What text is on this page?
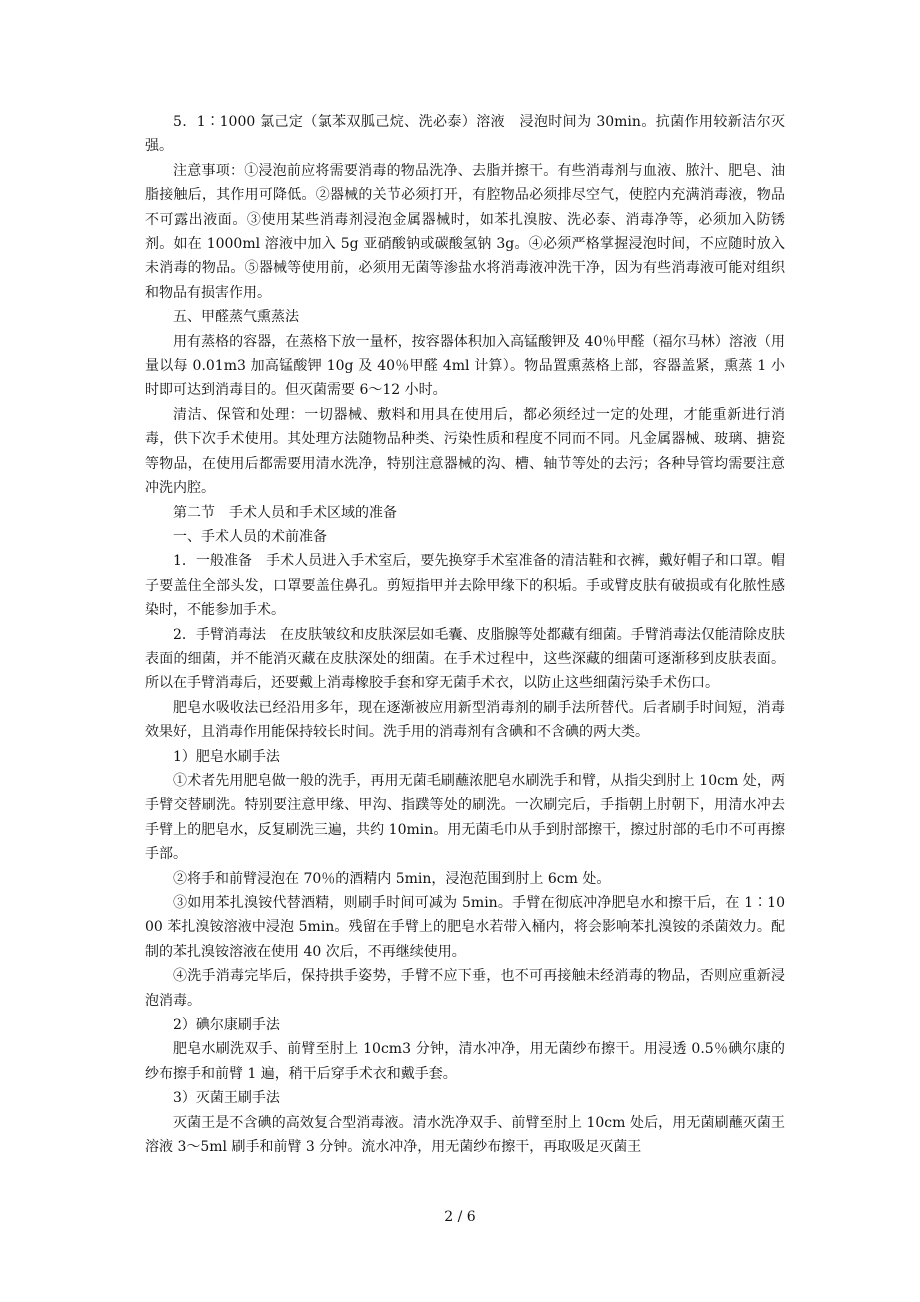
5．1∶1000 氯己定（氯苯双胍己烷、洗必泰）溶液　浸泡时间为 30min。抗菌作用较新洁尔灭强。

注意事项：①浸泡前应将需要消毒的物品洗净、去脂并擦干。有些消毒剂与血液、脓汁、肥皂、油脂接触后，其作用可降低。②器械的关节必须打开，有腔物品必须排尽空气，使腔内充满消毒液，物品不可露出液面。③使用某些消毒剂浸泡金属器械时，如苯扎溴胺、洗必泰、消毒净等，必须加入防锈剂。如在 1000ml 溶液中加入 5g 亚硝酸钠或碳酸氢钠 3g。④必须严格掌握浸泡时间，不应随时放入未消毒的物品。⑤器械等使用前，必须用无菌等渗盐水将消毒液冲洗干净，因为有些消毒液可能对组织和物品有损害作用。

五、甲醛蒸气熏蒸法

用有蒸格的容器，在蒸格下放一量杯，按容器体积加入高锰酸钾及 40％甲醛（福尔马林）溶液（用量以每 0.01m3 加高锰酸钾 10g 及 40％甲醛 4ml 计算）。物品置熏蒸格上部，容器盖紧，熏蒸 1 小时即可达到消毒目的。但灭菌需要 6～12 小时。

清洁、保管和处理：一切器械、敷料和用具在使用后，都必须经过一定的处理，才能重新进行消毒，供下次手术使用。其处理方法随物品种类、污染性质和程度不同而不同。凡金属器械、玻璃、搪瓷等物品，在使用后都需要用清水洗净，特别注意器械的沟、槽、轴节等处的去污；各种导管均需要注意冲洗内腔。

第二节　手术人员和手术区域的准备

一、手术人员的术前准备

1．一般准备　手术人员进入手术室后，要先换穿手术室准备的清洁鞋和衣裤，戴好帽子和口罩。帽子要盖住全部头发，口罩要盖住鼻孔。剪短指甲并去除甲缘下的积垢。手或臂皮肤有破损或有化脓性感染时，不能参加手术。

2．手臂消毒法　在皮肤皱纹和皮肤深层如毛囊、皮脂腺等处都藏有细菌。手臂消毒法仅能清除皮肤表面的细菌，并不能消灭藏在皮肤深处的细菌。在手术过程中，这些深藏的细菌可逐渐移到皮肤表面。所以在手臂消毒后，还要戴上消毒橡胶手套和穿无菌手术衣，以防止这些细菌污染手术伤口。

肥皂水吸收法已经沿用多年，现在逐渐被应用新型消毒剂的刷手法所替代。后者刷手时间短，消毒效果好，且消毒作用能保持较长时间。洗手用的消毒剂有含碘和不含碘的两大类。

1）肥皂水刷手法

①术者先用肥皂做一般的洗手，再用无菌毛刷蘸浓肥皂水刷洗手和臂，从指尖到肘上 10cm 处，两手臂交替刷洗。特别要注意甲缘、甲沟、指蹼等处的刷洗。一次刷完后，手指朝上肘朝下，用清水冲去手臂上的肥皂水，反复刷洗三遍，共约 10min。用无菌毛巾从手到肘部擦干，擦过肘部的毛巾不可再擦手部。

②将手和前臂浸泡在 70％的酒精内 5min，浸泡范围到肘上 6cm 处。

③如用苯扎溴铵代替酒精，则刷手时间可减为 5min。手臂在彻底冲净肥皂水和擦干后，在 1∶1000 苯扎溴铵溶液中浸泡 5min。残留在手臂上的肥皂水若带入桶内，将会影响苯扎溴铵的杀菌效力。配制的苯扎溴铵溶液在使用 40 次后，不再继续使用。

④洗手消毒完毕后，保持拱手姿势，手臂不应下垂，也不可再接触未经消毒的物品，否则应重新浸泡消毒。

2）碘尔康刷手法

肥皂水刷洗双手、前臂至肘上 10cm3 分钟，清水冲净，用无菌纱布擦干。用浸透 0.5％碘尔康的纱布擦手和前臂 1 遍，稍干后穿手术衣和戴手套。

3）灭菌王刷手法

灭菌王是不含碘的高效复合型消毒液。清水洗净双手、前臂至肘上 10cm 处后，用无菌刷蘸灭菌王溶液 3～5ml 刷手和前臂 3 分钟。流水冲净，用无菌纱布擦干，再取吸足灭菌王

2 / 6
